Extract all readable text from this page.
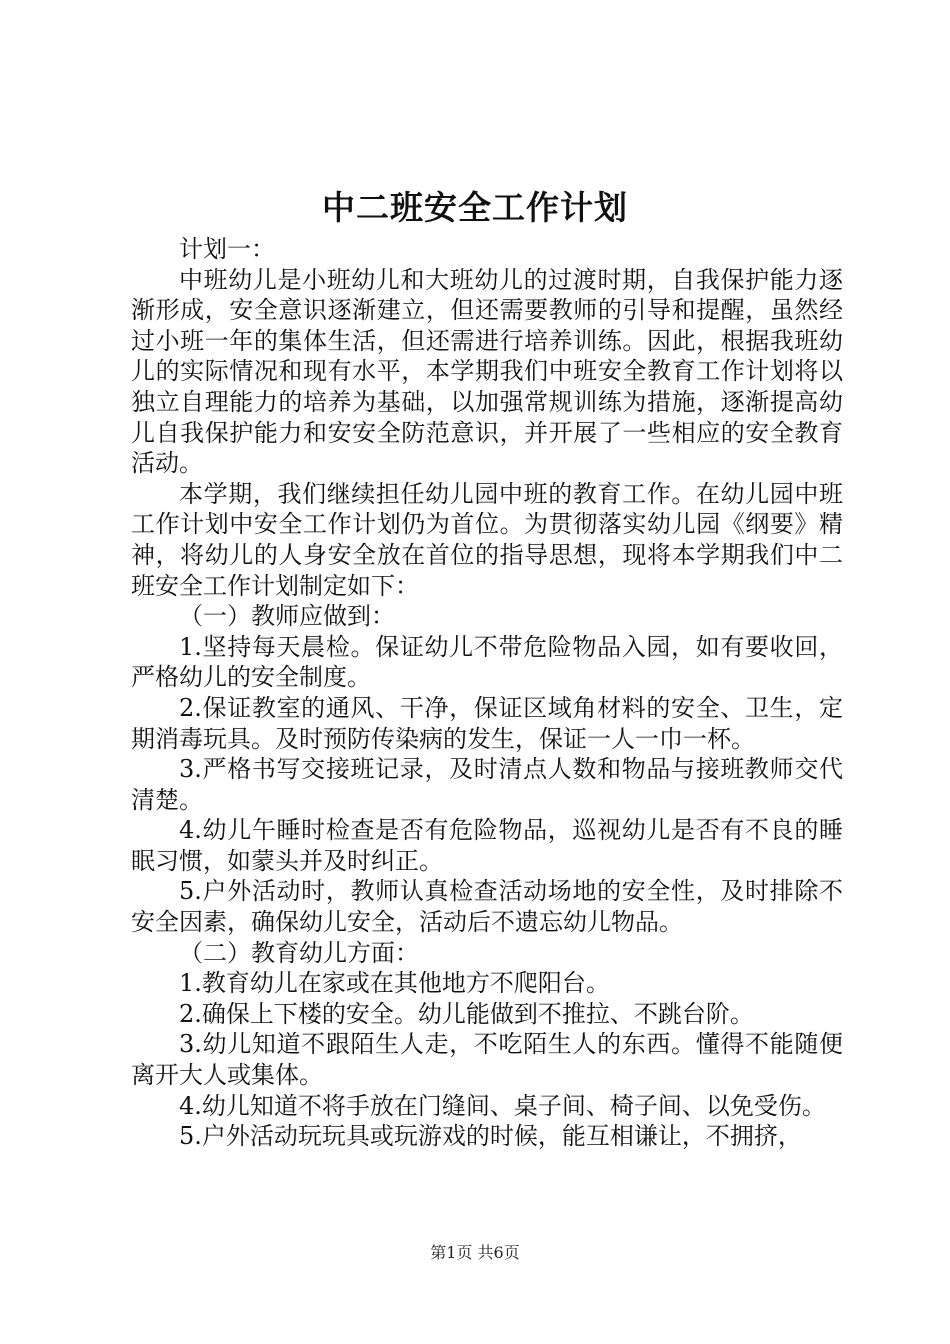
中二班安全工作计划

计划一：

中班幼儿是小班幼儿和大班幼儿的过渡时期，自我保护能力逐渐形成，安全意识逐渐建立，但还需要教师的引导和提醒，虽然经过小班一年的集体生活，但还需进行培养训练。因此，根据我班幼儿的实际情况和现有水平，本学期我们中班安全教育工作计划将以独立自理能力的培养为基础，以加强常规训练为措施，逐渐提高幼儿自我保护能力和安安全防范意识，并开展了一些相应的安全教育活动。

本学期，我们继续担任幼儿园中班的教育工作。在幼儿园中班工作计划中安全工作计划仍为首位。为贯彻落实幼儿园《纲要》精神，将幼儿的人身安全放在首位的指导思想，现将本学期我们中二班安全工作计划制定如下：

（一）教师应做到：

1.坚持每天晨检。保证幼儿不带危险物品入园，如有要收回，严格幼儿的安全制度。

2.保证教室的通风、干净，保证区域角材料的安全、卫生，定期消毒玩具。及时预防传染病的发生，保证一人一巾一杯。

3.严格书写交接班记录，及时清点人数和物品与接班教师交代清楚。

4.幼儿午睡时检查是否有危险物品，巡视幼儿是否有不良的睡眠习惯，如蒙头并及时纠正。

5.户外活动时，教师认真检查活动场地的安全性，及时排除不安全因素，确保幼儿安全，活动后不遗忘幼儿物品。

（二）教育幼儿方面：

1.教育幼儿在家或在其他地方不爬阳台。

2.确保上下楼的安全。幼儿能做到不推拉、不跳台阶。

3.幼儿知道不跟陌生人走，不吃陌生人的东西。懂得不能随便离开大人或集体。

4.幼儿知道不将手放在门缝间、桌子间、椅子间、以免受伤。

5.户外活动玩玩具或玩游戏的时候，能互相谦让，不拥挤，

第1页 共6页
